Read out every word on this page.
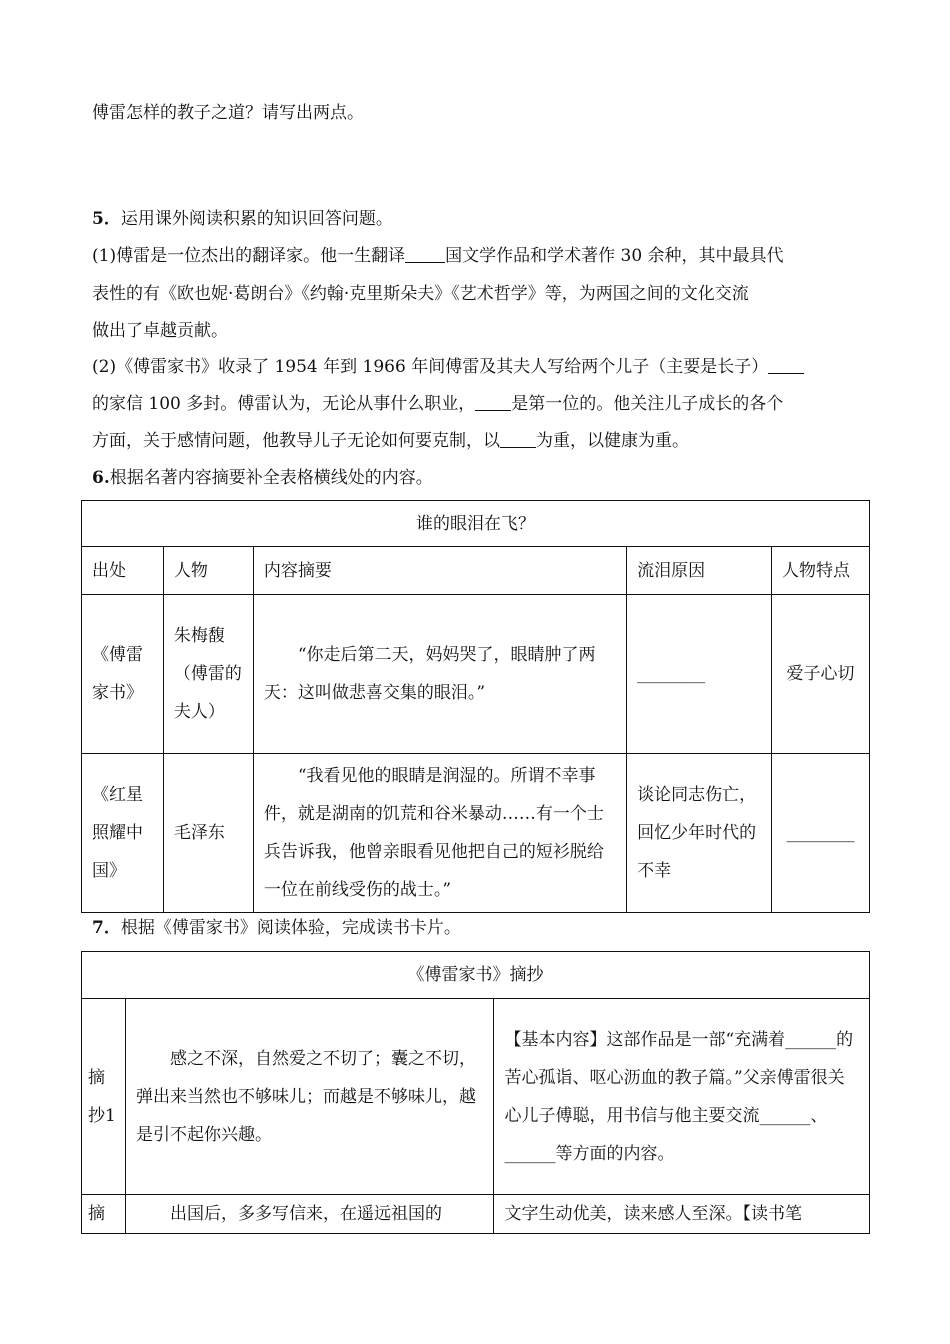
傅雷怎样的教子之道？请写出两点。
5．运用课外阅读积累的知识回答问题。
(1)傅雷是一位杰出的翻译家。他一生翻译 国文学作品和学术著作 30 余种，其中最具代
表性的有《欧也妮·葛朗台》《约翰·克里斯朵夫》《艺术哲学》等，为两国之间的文化交流
做出了卓越贡献。
(2)《傅雷家书》收录了 1954 年到 1966 年间傅雷及其夫人写给两个儿子（主要是长子）
的家信 100 多封。傅雷认为，无论从事什么职业， 是第一位的。他关注儿子成长的各个
方面，关于感情问题，他教导儿子无论如何要克制，以 为重，以健康为重。
6.根据名著内容摘要补全表格横线处的内容。
谁的眼泪在飞？				
出处	人物	内容摘要	流泪原因	人物特点
《傅雷家书》	朱梅馥（傅雷的夫人）	“你走后第二天，妈妈哭了，眼睛肿了两天：这叫做悲喜交集的眼泪。”	________	爱子心切
《红星照耀中国》	毛泽东	“我看见他的眼睛是润湿的。所谓不幸事件，就是湖南的饥荒和谷米暴动……有一个士兵告诉我，他曾亲眼看见他把自己的短衫脱给一位在前线受伤的战士。”	谈论同志伤亡，回忆少年时代的不幸	________
7．根据《傅雷家书》阅读体验，完成读书卡片。
《傅雷家书》摘抄		
摘抄1	感之不深，自然爱之不切了；囊之不切，弹出来当然也不够味儿；而越是不够味儿，越是引不起你兴趣。	【基本内容】这部作品是一部“充满着______的苦心孤诣、呕心沥血的教子篇。”父亲傅雷很关心儿子傅聪，用书信与他主要交流______、______等方面的内容。
摘	出国后，多多写信来，在遥远祖国的	文字生动优美，读来感人至深。【读书笔
